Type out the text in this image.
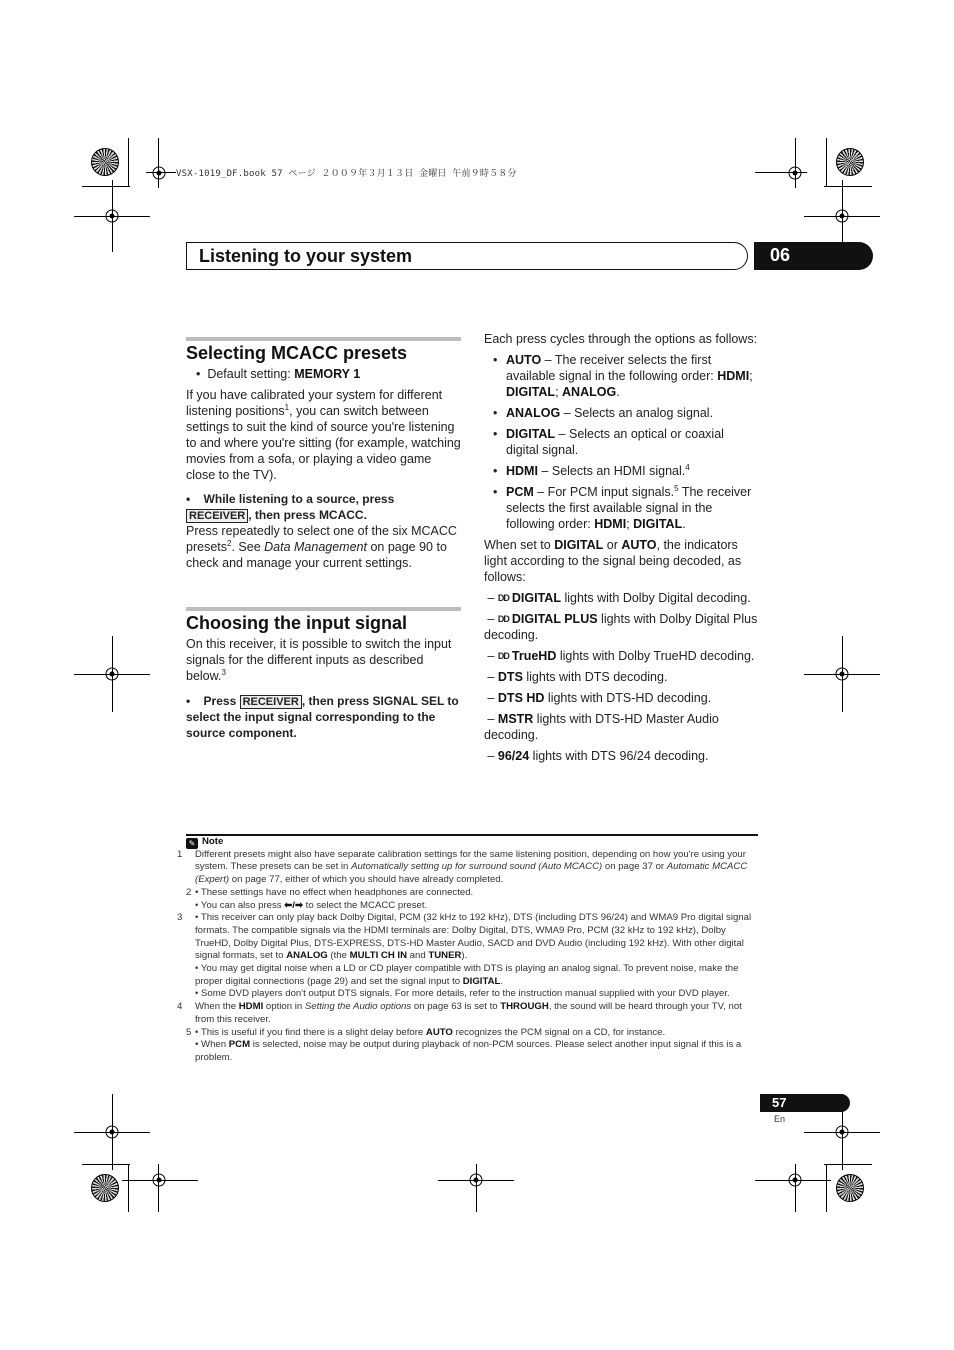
VSX-1019_DF.book 57 ページ ２００９年３月１３日 金曜日 午前９時５８分
Listening to your system	06
Selecting MCACC presets

•  Default setting: MEMORY 1

If you have calibrated your system for different listening positions$^1$, you can switch between settings to suit the kind of source you're listening to and where you're sitting (for example, watching movies from a sofa, or playing a video game close to the TV).

•    While listening to a source, press
RECEIVER , then press MCACC.

Press repeatedly to select one of the six MCACC presets$^2$. See Data Management on page 90 to check and manage your current settings.

Choosing the input signal

On this receiver, it is possible to switch the input signals for the different inputs as described below.$^3$

•    Press RECEIVER , then press SIGNAL SEL to select the input signal corresponding to the source component.

Each press cycles through the options as follows:

• AUTO – The receiver selects the first available signal in the following order: HDMI; DIGITAL; ANALOG.
• ANALOG – Selects an analog signal.
• DIGITAL – Selects an optical or coaxial digital signal.
• HDMI – Selects an HDMI signal.$^4$
• PCM – For PCM input signals.$^5$ The receiver selects the first available signal in the following order: HDMI; DIGITAL.

When set to DIGITAL or AUTO, the indicators light according to the signal being decoded, as follows:

– DD DIGITAL lights with Dolby Digital decoding.

– DD DIGITAL PLUS lights with Dolby Digital Plus decoding.

– DD TrueHD lights with Dolby TrueHD decoding.

– DTS lights with DTS decoding.

– DTS HD lights with DTS-HD decoding.

– MSTR lights with DTS-HD Master Audio decoding.

– 96/24 lights with DTS 96/24 decoding.

✎ Note

1 Different presets might also have separate calibration settings for the same listening position, depending on how you're using your system. These presets can be set in Automatically setting up for surround sound (Auto MCACC) on page 37 or Automatic MCACC (Expert) on page 77, either of which you should have already completed.

2 • These settings have no effect when headphones are connected.

• You can also press ⬅/➡ to select the MCACC preset.

3 • This receiver can only play back Dolby Digital, PCM (32 kHz to 192 kHz), DTS (including DTS 96/24) and WMA9 Pro digital signal formats. The compatible signals via the HDMI terminals are: Dolby Digital, DTS, WMA9 Pro, PCM (32 kHz to 192 kHz), Dolby TrueHD, Dolby Digital Plus, DTS-EXPRESS, DTS-HD Master Audio, SACD and DVD Audio (including 192 kHz). With other digital signal formats, set to ANALOG (the MULTI CH IN and TUNER).

• You may get digital noise when a LD or CD player compatible with DTS is playing an analog signal. To prevent noise, make the proper digital connections (page 29) and set the signal input to DIGITAL.

• Some DVD players don't output DTS signals. For more details, refer to the instruction manual supplied with your DVD player.

4 When the HDMI option in Setting the Audio options on page 63 is set to THROUGH, the sound will be heard through your TV, not from this receiver.

5 • This is useful if you find there is a slight delay before AUTO recognizes the PCM signal on a CD, for instance.

• When PCM is selected, noise may be output during playback of non-PCM sources. Please select another input signal if this is a problem.

57
En
